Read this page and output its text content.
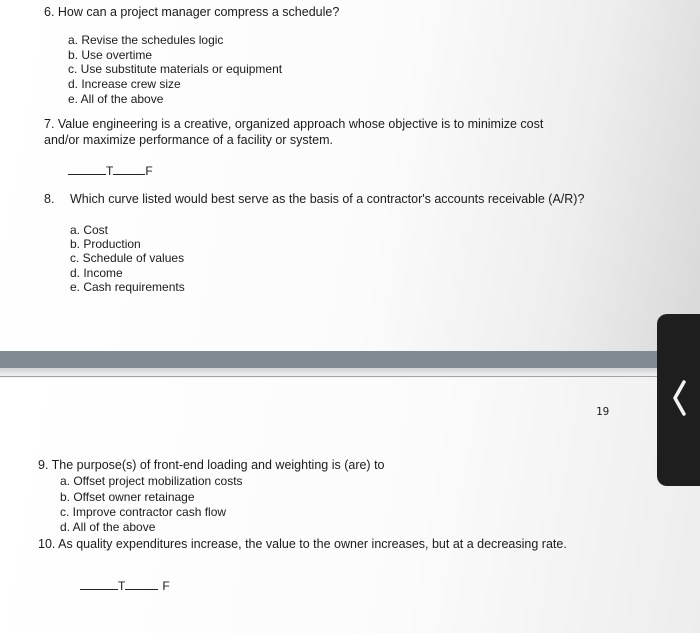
6. How can a project manager compress a schedule?
a. Revise the schedules logic
b. Use overtime
c. Use substitute materials or equipment
d. Increase crew size
e. All of the above
7. Value engineering is a creative, organized approach whose objective is to minimize cost
and/or maximize performance of a facility or system.
T	F
8. Which curve listed would best serve as the basis of a contractor's accounts receivable (A/R)?
a. Cost
b. Production
c. Schedule of values
d. Income
e. Cash requirements
19
9. The purpose(s) of front-end loading and weighting is (are) to
a. Offset project mobilization costs
b. Offset owner retainage
c. Improve contractor cash flow
d. All of the above
10. As quality expenditures increase, the value to the owner increases, but at a decreasing rate.
T	F
